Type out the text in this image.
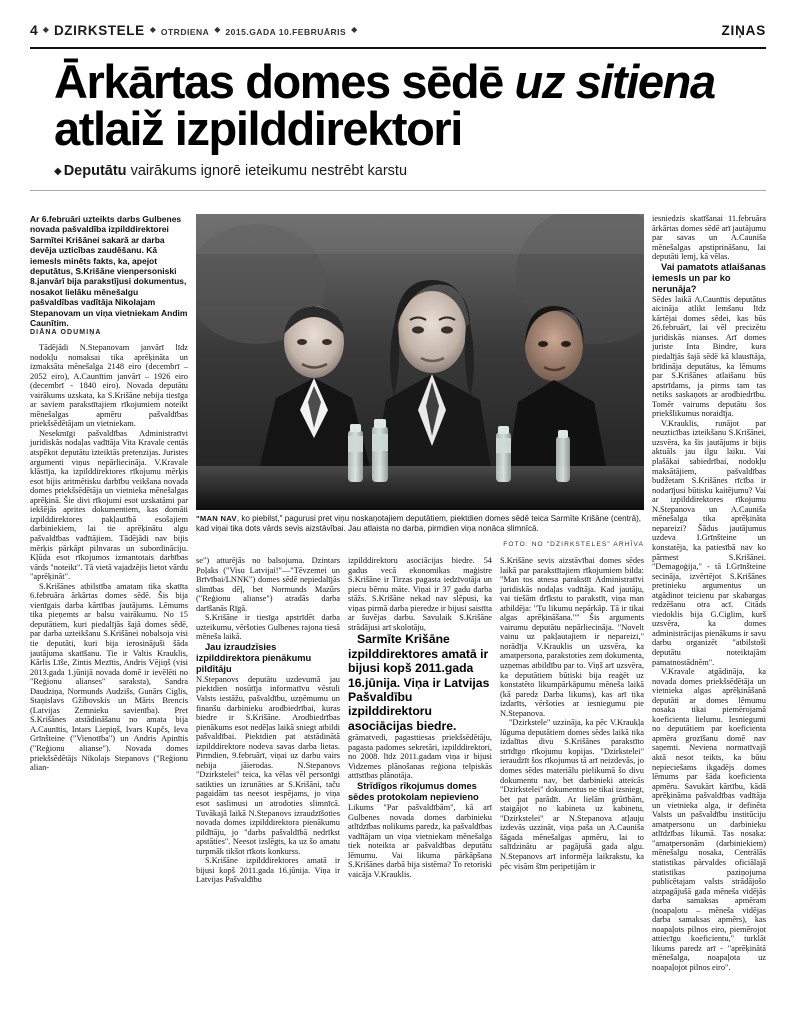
4 ◆ DZIRKSTELE ◆ OTRDIENA ◆ 2015.GADA 10.FEBRUĀRIS ◆	ZIŅAS
Ārkārtas domes sēdē uz sitiena
atlaiž izpilddirektori
◆ Deputātu vairākums ignorē ieteikumu nestrēbt karstu

Ar 6.februāri uzteikts darbs Gulbenes novada pašvaldība izpilddirektorei Sarmītei Krišānei sakarā ar darba devēja uzticības zaudēšanu. Kā iemesls minēts fakts, ka, apejot deputātus, S.Krišāne vienpersoniski 8.janvārī bija parakstījusi dokumentus, nosakot lielāku mēnešalgu pašvaldības vadītāja Nikolajam Stepanovam un viņa vietniekam Andim Caunītim.

DIĀNA ODUMIŅA

Tādējādi N.Stepanovam janvārī līdz nodokļu nomaksai tika aprēķināta un izmaksāta mēnešalga 2148 eiro (decembrī – 2052 eiro), A.Caunītim janvārī – 1926 eiro (decembrī - 1840 eiro). Novada deputātu vairākums uzskata, ka S.Krišāne nebija tiesīga ar saviem parakstītajiem rīkojumiem noteikt mēnešalgas apmēru pašvaldības priekšsēdētājam un vietniekam.

Nesekmīgi pašvaldības Administratīvi juridiskās nodaļas vadītāja Vita Kravale centās atspēkot deputātu izteiktās pretenzijas. Juristes argumenti viņus nepārliecināja. V.Kravale klāstīja, ka izpilddirektores rīkojumu mērķis esot bijis aritmētisku darbību veikšana novada domes priekšsēdētāja un vietnieka mēnešalgas aprēķinā. Šie divi rīkojumi esot uzskatāmi par iekšējās aprites dokumentiem, kas domāti izpilddirektores pakļautībā esošajiem darbiniekiem, lai tie aprēķinātu algu pašvaldības vadītājiem. Tādējādi nav bijis mērķis pārkāpt pilnvaras un subordināciju. Kļūda esot rīkojumos izmantotais darbības vārds "noteikt". Tā vietā vajadzējis lietot vārdu "aprēķināt".

S.Krišānes atbilstība amatam tika skatīta 6.februāra ārkārtas domes sēdē. Šis bija vienīgais darba kārtības jautājums. Lēmums tika pieņemts ar balsu vairākumu. No 15 deputātiem, kuri piedalījās šajā domes sēdē, par darba uzteikšanu S.Krišānei nobalsoja visi tie deputāti, kuri bija ierosinājuši šāda jautājuma skatīšanu. Tie ir Valtis Krauklis, Kārlis Līše, Zintis Mezītis, Andris Vējiņš (visi 2013.gada 1.jūnijā novada domē ir ievēlēti no "Reģionu alianses" saraksta), Sandra Daudziņa, Normunds Audzišs, Gunārs Ciglis, Staņislavs Gžibovskis un Māris Brencis (Latvijas Zemnieku savienība). Pret S.Krišānes atstādināšanu no amata bija A.Caunītis, Intars Liepiņš, Ivars Kupčs, Ieva Grīnšteine ("Vienotība") un Andris Apinītis ("Reģionu alianse"). Novada domes priekšsēdētājs Nikolajs Stepanovs ("Reģionu alian-

"MAN NAV, ko piebilst," pagurusi pret viņu noskaņotajiem deputātiem, piektdien domes sēdē teica Sarmīte Krišāne (centrā), kad viņai tika dots vārds sevis aizstāvībai. Jau atlaista no darba, pirmdien viņa nonāca slimnīcā.
FOTO: NO "DZIRKSTELES" ARHĪVA

se") atturējās no balsojuma. Dzintars Poļaks ("Visu Latvijai!"—"Tēvzemei un Brīvībai/LNNK") domes sēdē nepiedalījās slimības dēļ, bet Normunds Mazūrs ("Reģionu alianse") atradās darba darīšanās Rīgā.

S.Krišāne ir tiesīga apstrīdēt darba uzteikumu, vēršoties Gulbenes rajona tiesā mēneša laikā.

Jau izraudzīsies izpilddirektora pienākumu pildītāju

N.Stepanovs deputātu uzdevumā jau piektdien nosūtīja informatīvu vēstuli Valsts iestāžu, pašvaldību, uzņēmumu un finanšu darbinieku arodbiedrībai, kuras biedre ir S.Krišāne. Arodbiedrības pienākums esot nedēļas laikā sniegt atbildi pašvaldībai. Piektdien pat atstādinātā izpilddirektore nodeva savas darba lietas. Pirmdien, 9.februārī, viņai uz darbu vairs nebija jāierodas. N.Stepanovs "Dzirkstelei" teica, ka vēlas vēl personīgi satikties un izrunāties ar S.Krišāni, taču pagaidām tas neesot iespējams, jo viņa esot saslimusi un atrodoties slimnīcā. Tuvākajā laikā N.Stepanovs izraudzīšoties novada domes izpilddirektora pienākumu pildītāju, jo "darbs pašvaldībā nedrīkst apstāties". Neesot izslēgts, ka uz šo amatu turpmāk tikšot rīkots konkurss.

S.Krišāne izpilddirektores amatā ir bijusi kopš 2011.gada 16.jūnija. Viņa ir Latvijas Pašvaldību

izpilddirektoru asociācijas biedre. 54 gadus vecā ekonomikas maģistre S.Krišāne ir Tirzas pagasta iedzīvotāja un piecu bērnu māte. Viņai ir 37 gadu darba stāžs. S.Krišāne nekad nav slēpusi, ka viņas pirmā darba pieredze ir bijusi saistīta ar šuvējas darbu. Savulaik S.Krišāne strādājusi arī skolotāju,

Sarmīte Krišāne izpilddirektores amatā ir bijusi kopš 2011.gada 16.jūnija. Viņa ir Latvijas Pašvaldību izpilddirektoru asociācijas biedre.

grāmatvedi, pagasttiesas priekšsēdētāju, pagasta padomes sekretāri, izpilddirektori, no 2008. līdz 2011.gadam viņa ir bijusi Vidzemes plānošanas reģiona telpiskās attīstības plānotāja.

Strīdīgos rīkojumus domes sēdes protokolam nepievieno

Likums "Par pašvaldībām", kā arī Gulbenes novada domes darbinieku atlīdzības nolikums paredz, ka pašvaldības vadītājam un viņa vietniekam mēnešalga tiek noteikta ar pašvaldības deputātu lēmumu. Vai likuma pārkāpšana S.Krišānes darbā bija sistēma? To retoriski vaicāja V.Krauklis.

S.Krišāne sevis aizstāvībai domes sēdes laikā par parakstītajiem rīkojumiem bilda: "Man tos atnesa parakstīt Administratīvi juridiskās nodaļas vadītāja. Kad jautāju, vai tiešām drīkstu to parakstīt, viņa man atbildēja: "Tu likumu nepārkāp. Tā ir tikai algas aprēķināšana."" Šis arguments vairumu deputātu nepārliecināja. "Novelt vainu uz pakļautajiem ir nepareizi," norādīja V.Krauklis un uzsvēra, ka amatpersona, parakstoties zem dokumenta, uzņemas atbildību par to. Viņš arī uzsvēra, ka deputātiem būtiski bija reaģēt uz konstatēto likumpārkāpumu mēneša laikā (kā paredz Darba likums), kas arī tika izdarīts, vēršoties ar iesniegumu pie N.Stepanova.

"Dzirkstele" uzzināja, ka pēc V.Kraukļa lūguma deputātiem domes sēdes laikā tika izdalītas divu S.Krišānes parakstīto strīdīgo rīkojumu kopijas. "Dzirkstelei" ieraudzīt šos rīkojumus tā arī neizdevās, jo domes sēdes materiālu pielikumā šo divu dokumentu nav, bet darbinieki atteicās "Dzirkstelei" dokumentus ne tikai izsniegt, bet pat parādīt. Ar lielām grūtībām, staigājot no kabineta uz kabinetu, "Dzirkstelei" ar N.Stepanova atļauju izdevās uzzināt, viņa paša un A.Cauniša šāgada mēnešalgas apmēru, lai to salīdzinātu ar pagājušā gada algu. N.Stepanovs arī informēja laikrakstu, ka pēc visām šīm peripetijām ir

iesniedzis skatīšanai 11.februāra ārkārtas domes sēdē arī jautājumu par savas un A.Cauniša mēnešalgas apstiprināšanu, lai deputāti lemj, kā vēlas.

Vai pamatots atlaišanas iemesls un par ko nerunāja?

Sēdes laikā A.Caunītis deputātus aicināja atlikt lemšanu līdz kārtējai domes sēdei, kas būs 26.februārī, lai vēl precizētu juridiskās nianses. Arī domes juriste Inta Bindre, kura piedalījās šajā sēdē kā klausītāja, brīdināja deputātus, ka lēmums par S.Krišānes atlaišanu būs apstrīdams, ja pirms tam tas netiks saskaņots ar arodbiedrību. Tomēr vairums deputātu šos priekšlikumus noraidīja.

V.Krauklis, runājot par neuzticības izteikšanu S.Krišānei, uzsvēra, ka šis jautājums ir bijis aktuāls jau ilgu laiku. Vai plašākai sabiedrībai, nodokļu maksātājiem, pašvaldības budžetam S.Krišānes rīcība ir nodarījusi būtisku kaitējumu? Vai ar izpilddirektores rīkojumu N.Stepanova un A.Cauniša mēnešalga tika aprēķināta nepareizi? Šādus jautājumus uzdeva I.Grīnšteine un konstatēja, ka patiesībā nav ko pārmest S.Krišānei. "Demagoģija," - tā I.Grīnšteine secināja, izvērtējot S.Krišānes pretinieku argumentus un atgādinot teicienu par skabargas redzēšanu otra acī. Citāds viedoklis bija G.Ciglim, kurš uzsvēra, ka domes administrācijas pienākums ir savu darbu organizēt "atbilstoši deputātu noteiktajām pamatnostādnēm".

V.Kravale atgādināja, ka novada domes priekšsēdētāja un vietnieka algas aprēķināšanā deputāti ar domes lēmumu nosaka tikai piemērojamā koeficienta lielumu. Iesniegumi no deputātiem par koeficienta apmēra grozīšanu domē nav saņemti. Neviena normatīvajā aktā nesot teikts, ka būtu nepieciešams ikgadējs domes lēmums par šāda koeficienta apmēru. Savukārt kārtību, kādā aprēķināma pašvaldības vadītāja un vietnieka alga, ir definēta Valsts un pašvaldību institūciju amatpersonu un darbinieku atlīdzības likumā. Tas nosaka: "amatpersonām (darbiniekiem) mēnešalgu nosaka, Centrālās statistikas pārvaldes oficiālajā statistikas paziņojuma publicētajam valsts strādājošo aizpagājušā gada mēneša vidējās darba samaksas apmēram (noapaļotu – mēneša vidējas darba samaksas apmērs), kas noapaļots pilnos eiro, piemērojot attiecīgu koeficientu," turklāt likums paredz arī - "aprēķinātā mēnešalga, noapaļota uz noapaļojot pilnos eiro".
